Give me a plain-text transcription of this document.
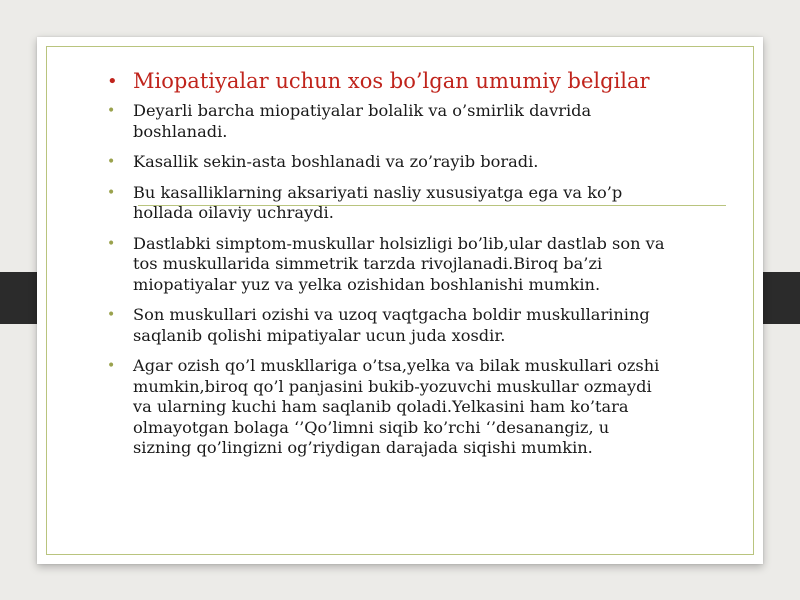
• Miopatiyalar uchun xos bo’lgan umumiy belgilar
• Deyarli barcha miopatiyalar bolalik va o’smirlik davrida boshlanadi.
• Kasallik sekin-asta boshlanadi va zo’rayib boradi.
• Bu kasalliklarning aksariyati nasliy xususiyatga ega va ko’p hollada oilaviy uchraydi.
• Dastlabki simptom-muskullar holsizligi bo’lib,ular dastlab son va tos muskullarida simmetrik tarzda rivojlanadi.Biroq ba’zi miopatiyalar yuz va yelka ozishidan boshlanishi mumkin.
• Son muskullari ozishi va uzoq vaqtgacha boldir muskullarining saqlanib qolishi mipatiyalar ucun juda xosdir.
• Agar ozish qo’l muskllariga o’tsa,yelka va bilak muskullari ozshi mumkin,biroq qo’l panjasini bukib-yozuvchi muskullar ozmaydi va ularning kuchi ham saqlanib qoladi.Yelkasini ham ko’tara olmayotgan bolaga ‘’Qo’limni siqib ko’rchi ‘’desanangiz, u sizning qo’lingizni og’riydigan darajada siqishi mumkin.
